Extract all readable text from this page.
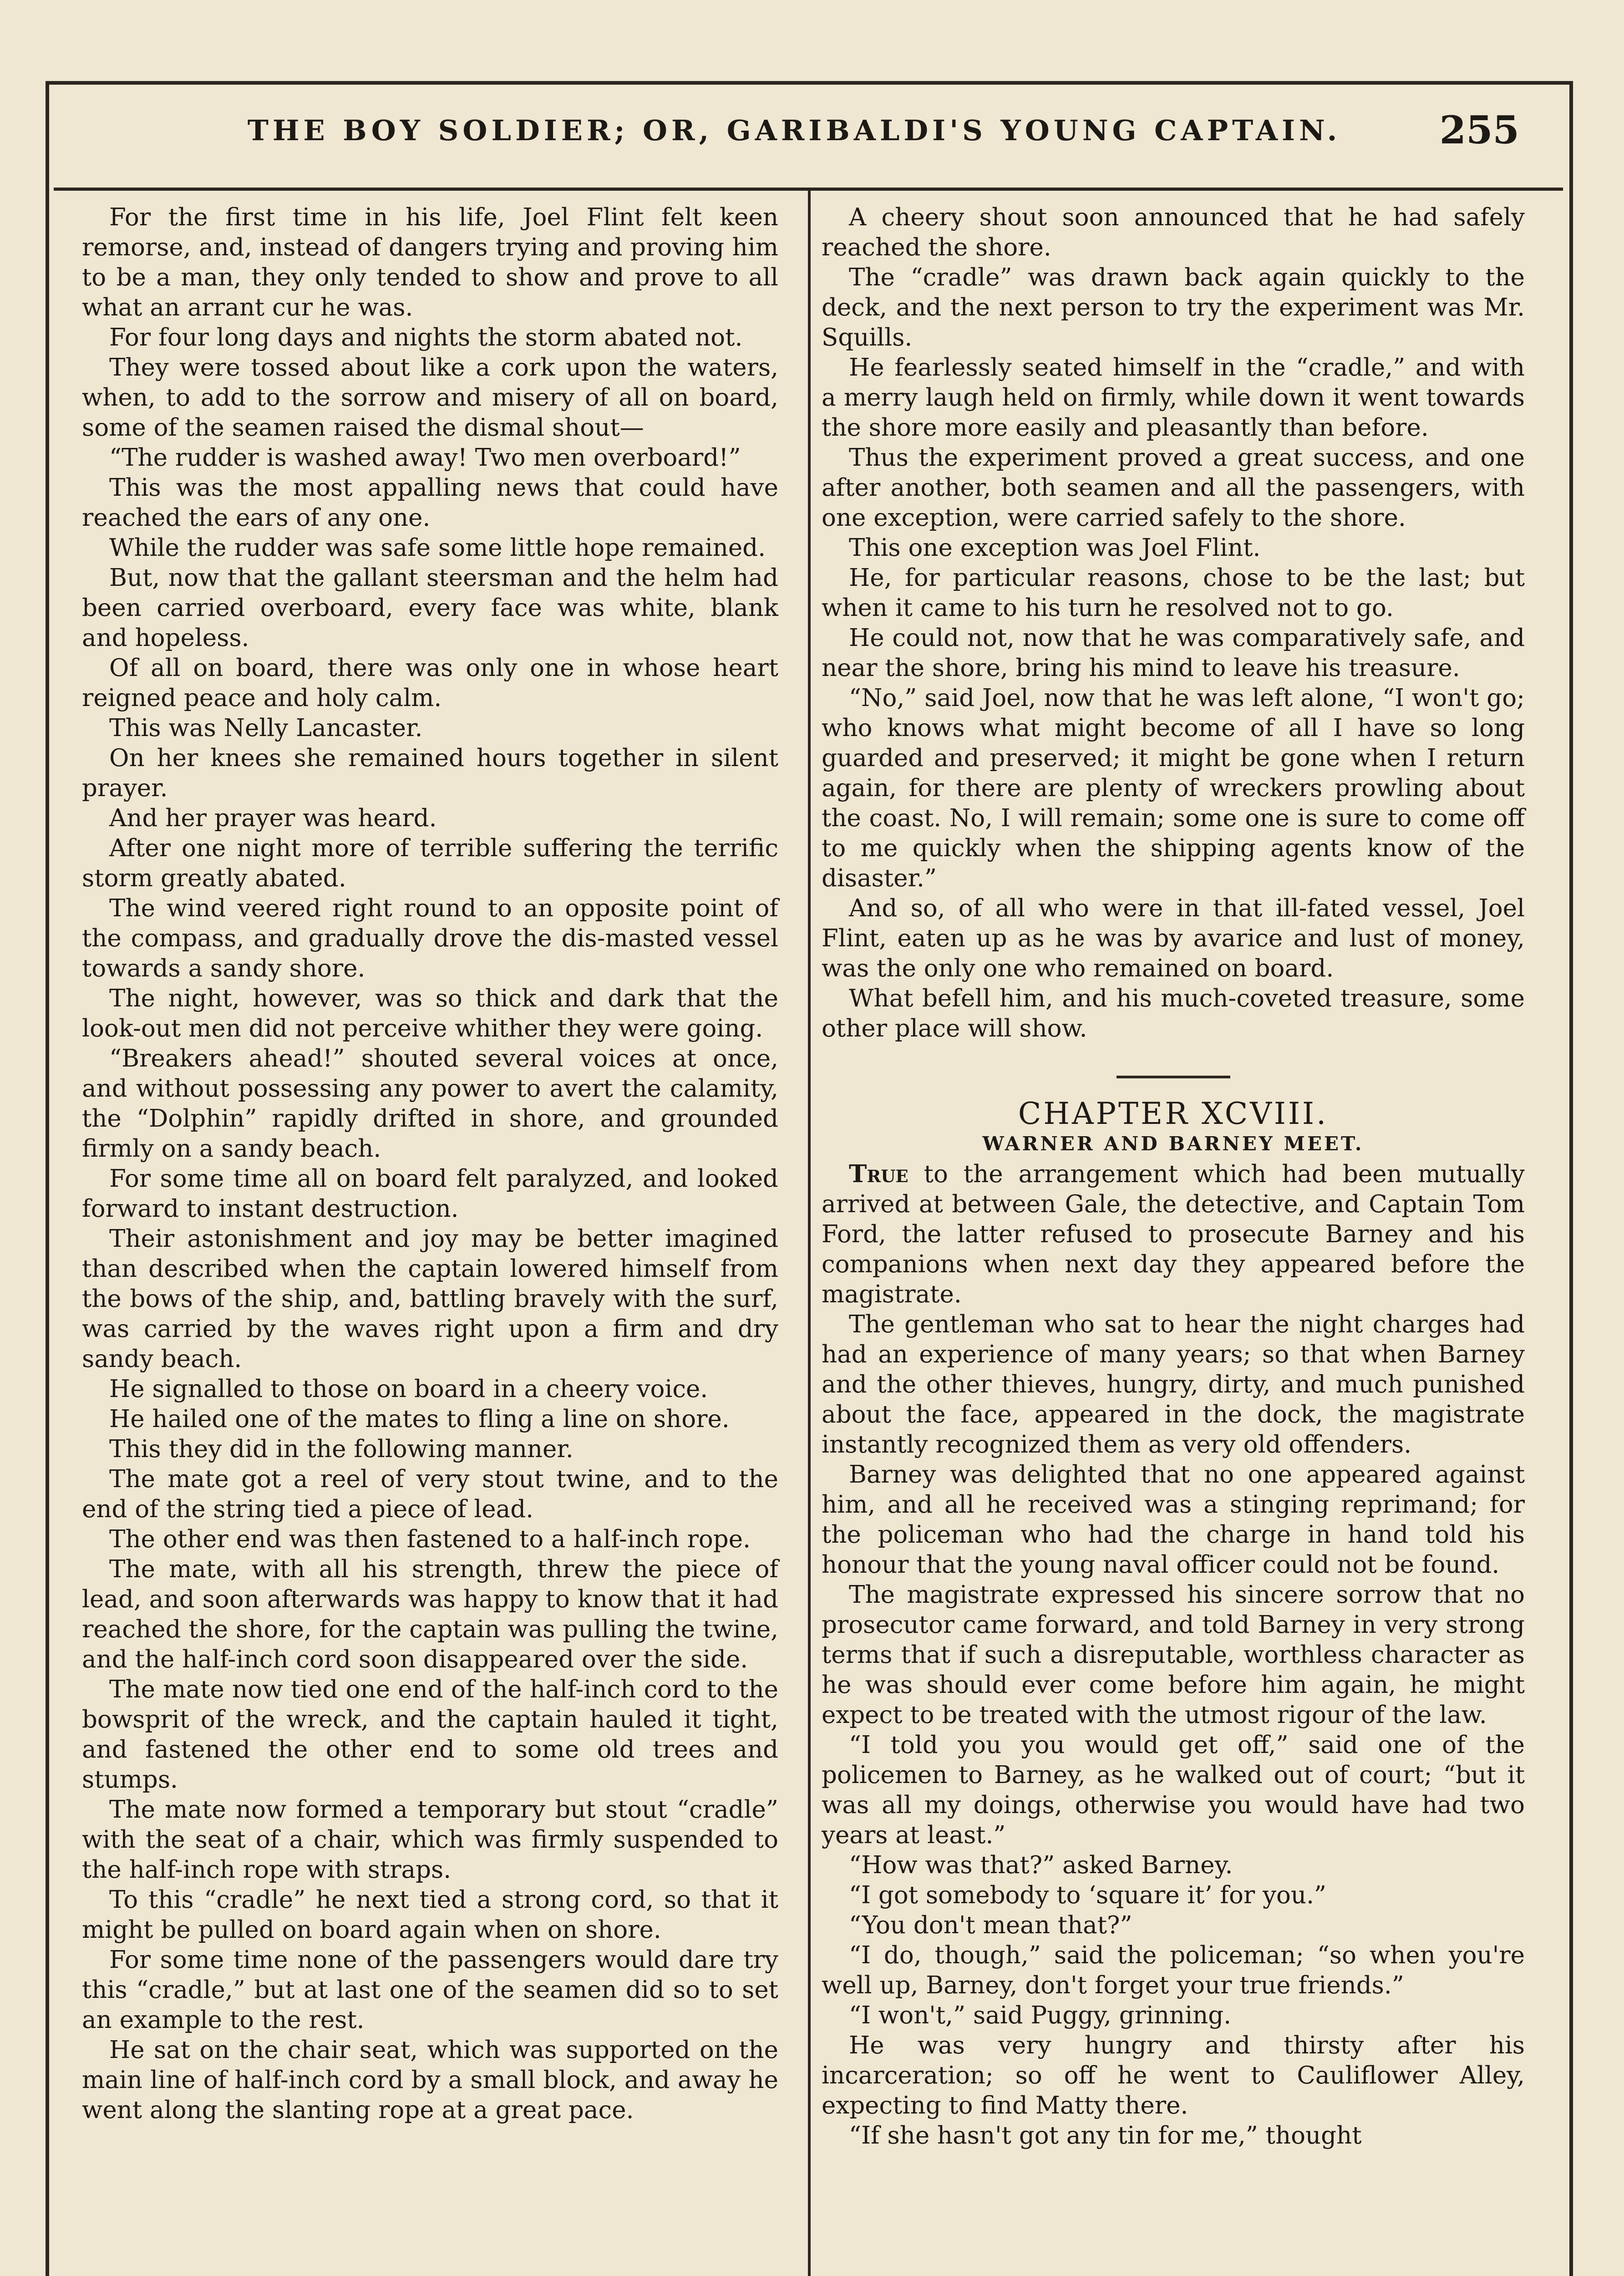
THE BOY SOLDIER; OR, GARIBALDI'S YOUNG CAPTAIN.	255

For the first time in his life, Joel Flint felt keen remorse, and, instead of dangers trying and proving him to be a man, they only tended to show and prove to all what an arrant cur he was.

For four long days and nights the storm abated not.

They were tossed about like a cork upon the waters, when, to add to the sorrow and misery of all on board, some of the seamen raised the dismal shout—

“The rudder is washed away! Two men overboard!”

This was the most appalling news that could have reached the ears of any one.

While the rudder was safe some little hope remained.

But, now that the gallant steersman and the helm had been carried overboard, every face was white, blank and hopeless.

Of all on board, there was only one in whose heart reigned peace and holy calm.

This was Nelly Lancaster.

On her knees she remained hours together in silent prayer.

And her prayer was heard.

After one night more of terrible suffering the terrific storm greatly abated.

The wind veered right round to an opposite point of the compass, and gradually drove the dis-masted vessel towards a sandy shore.

The night, however, was so thick and dark that the look-out men did not perceive whither they were going.

“Breakers ahead!” shouted several voices at once, and without possessing any power to avert the calamity, the “Dolphin” rapidly drifted in shore, and grounded firmly on a sandy beach.

For some time all on board felt paralyzed, and looked forward to instant destruction.

Their astonishment and joy may be better imagined than described when the captain lowered himself from the bows of the ship, and, battling bravely with the surf, was carried by the waves right upon a firm and dry sandy beach.

He signalled to those on board in a cheery voice.

He hailed one of the mates to fling a line on shore.

This they did in the following manner.

The mate got a reel of very stout twine, and to the end of the string tied a piece of lead.

The other end was then fastened to a half-inch rope.

The mate, with all his strength, threw the piece of lead, and soon afterwards was happy to know that it had reached the shore, for the captain was pulling the twine, and the half-inch cord soon disappeared over the side.

The mate now tied one end of the half-inch cord to the bowsprit of the wreck, and the captain hauled it tight, and fastened the other end to some old trees and stumps.

The mate now formed a temporary but stout “cradle” with the seat of a chair, which was firmly suspended to the half-inch rope with straps.

To this “cradle” he next tied a strong cord, so that it might be pulled on board again when on shore.

For some time none of the passengers would dare try this “cradle,” but at last one of the seamen did so to set an example to the rest.

He sat on the chair seat, which was supported on the main line of half-inch cord by a small block, and away he went along the slanting rope at a great pace.

A cheery shout soon announced that he had safely reached the shore.

The “cradle” was drawn back again quickly to the deck, and the next person to try the experiment was Mr. Squills.

He fearlessly seated himself in the “cradle,” and with a merry laugh held on firmly, while down it went towards the shore more easily and pleasantly than before.

Thus the experiment proved a great success, and one after another, both seamen and all the passengers, with one exception, were carried safely to the shore.

This one exception was Joel Flint.

He, for particular reasons, chose to be the last; but when it came to his turn he resolved not to go.

He could not, now that he was comparatively safe, and near the shore, bring his mind to leave his treasure.

“No,” said Joel, now that he was left alone, “I won't go; who knows what might become of all I have so long guarded and preserved; it might be gone when I return again, for there are plenty of wreckers prowling about the coast. No, I will remain; some one is sure to come off to me quickly when the shipping agents know of the disaster.”

And so, of all who were in that ill-fated vessel, Joel Flint, eaten up as he was by avarice and lust of money, was the only one who remained on board.

What befell him, and his much-coveted treasure, some other place will show.

CHAPTER XCVIII.

WARNER AND BARNEY MEET.

True to the arrangement which had been mutually arrived at between Gale, the detective, and Captain Tom Ford, the latter refused to prosecute Barney and his companions when next day they appeared before the magistrate.

The gentleman who sat to hear the night charges had had an experience of many years; so that when Barney and the other thieves, hungry, dirty, and much punished about the face, appeared in the dock, the magistrate instantly recognized them as very old offenders.

Barney was delighted that no one appeared against him, and all he received was a stinging reprimand; for the policeman who had the charge in hand told his honour that the young naval officer could not be found.

The magistrate expressed his sincere sorrow that no prosecutor came forward, and told Barney in very strong terms that if such a disreputable, worthless character as he was should ever come before him again, he might expect to be treated with the utmost rigour of the law.

“I told you you would get off,” said one of the policemen to Barney, as he walked out of court; “but it was all my doings, otherwise you would have had two years at least.”

“How was that?” asked Barney.

“I got somebody to ‘square it’ for you.”

“You don't mean that?”

“I do, though,” said the policeman; “so when you're well up, Barney, don't forget your true friends.”

“I won't,” said Puggy, grinning.

He was very hungry and thirsty after his incarceration; so off he went to Cauliflower Alley, expecting to find Matty there.

“If she hasn't got any tin for me,” thought
